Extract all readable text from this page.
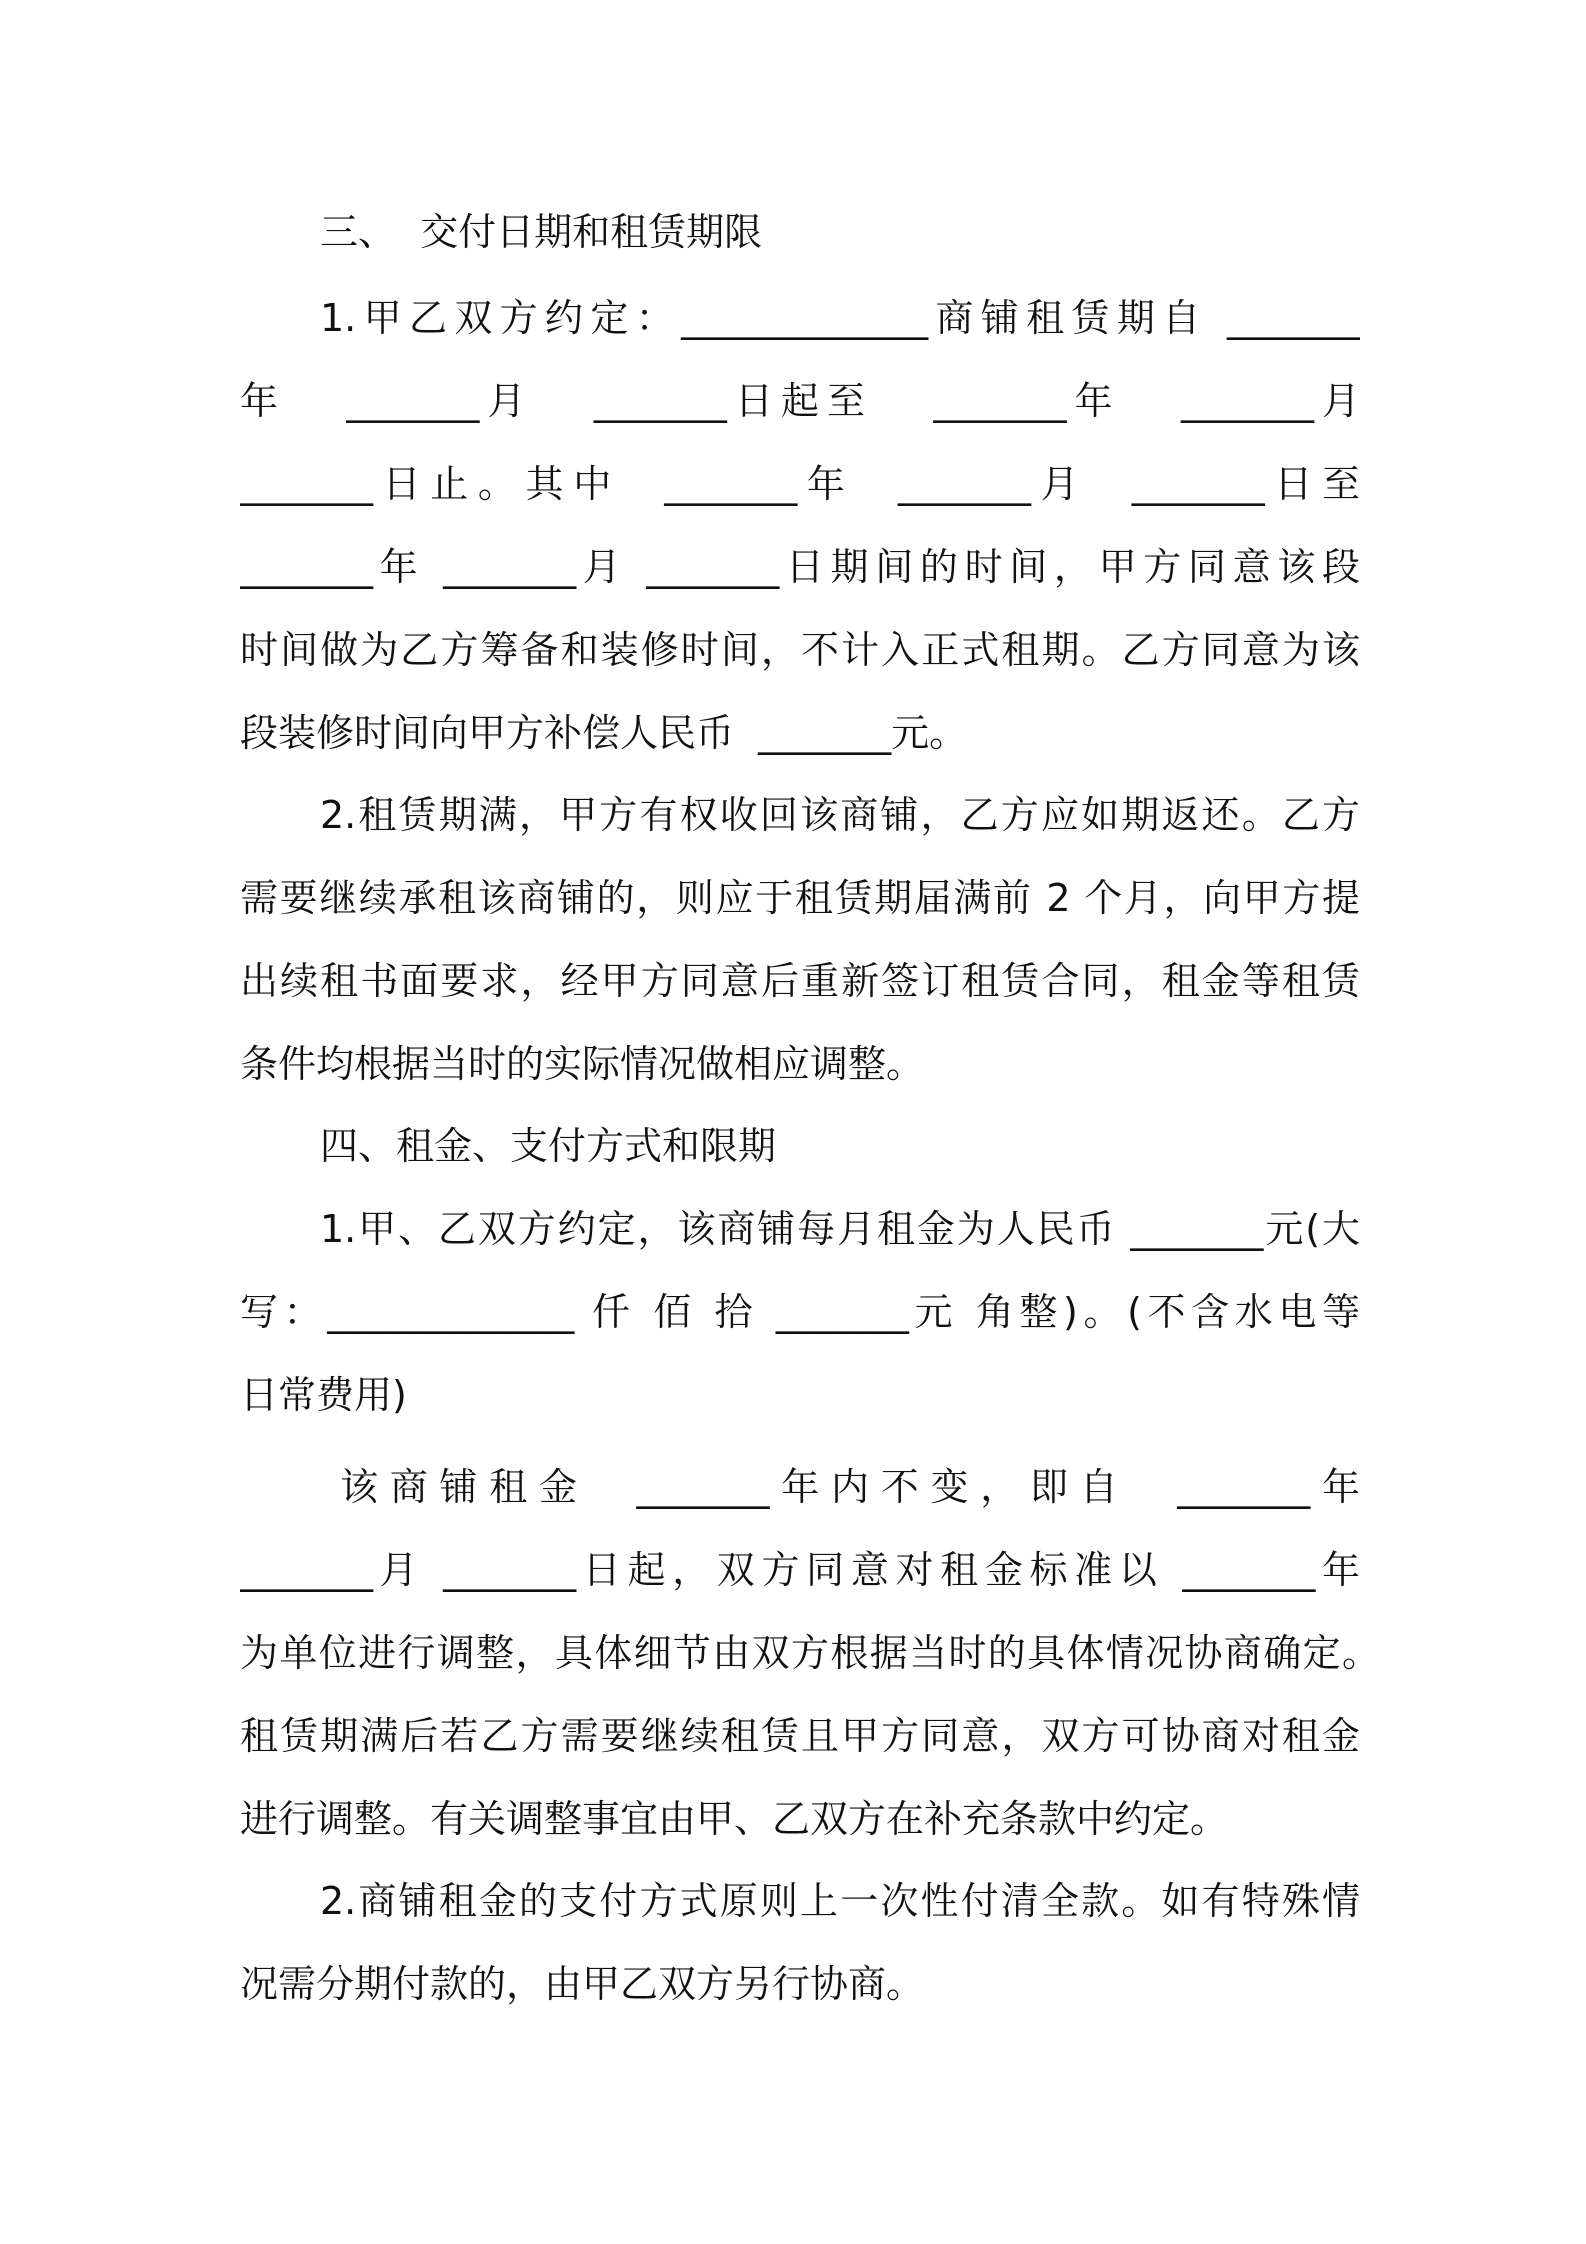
三、  交付日期和租赁期限
1.甲乙双方约定：_____________商铺租赁期自 _______
年   _______月   _______日起至   _______年   _______月
_______日止。其中  _______年  _______月  _______日至
_______年 _______月 _______日期间的时间，甲方同意该段
时间做为乙方筹备和装修时间，不计入正式租期。乙方同意为该
段装修时间向甲方补偿人民币  _______元。
2.租赁期满，甲方有权收回该商铺，乙方应如期返还。乙方
需要继续承租该商铺的，则应于租赁期届满前 2 个月，向甲方提
出续租书面要求，经甲方同意后重新签订租赁合同，租金等租赁
条件均根据当时的实际情况做相应调整。
四、租金、支付方式和限期
1.甲、乙双方约定，该商铺每月租金为人民币 _______元(大
写：_____________ 仟 佰 拾 _______元 角整)。(不含水电等
日常费用)
该商铺租金  _______年内不变，即自  _______年
_______月 _______日起，双方同意对租金标准以 _______年
为单位进行调整，具体细节由双方根据当时的具体情况协商确定。
租赁期满后若乙方需要继续租赁且甲方同意，双方可协商对租金
进行调整。有关调整事宜由甲、乙双方在补充条款中约定。
2.商铺租金的支付方式原则上一次性付清全款。如有特殊情
况需分期付款的，由甲乙双方另行协商。
